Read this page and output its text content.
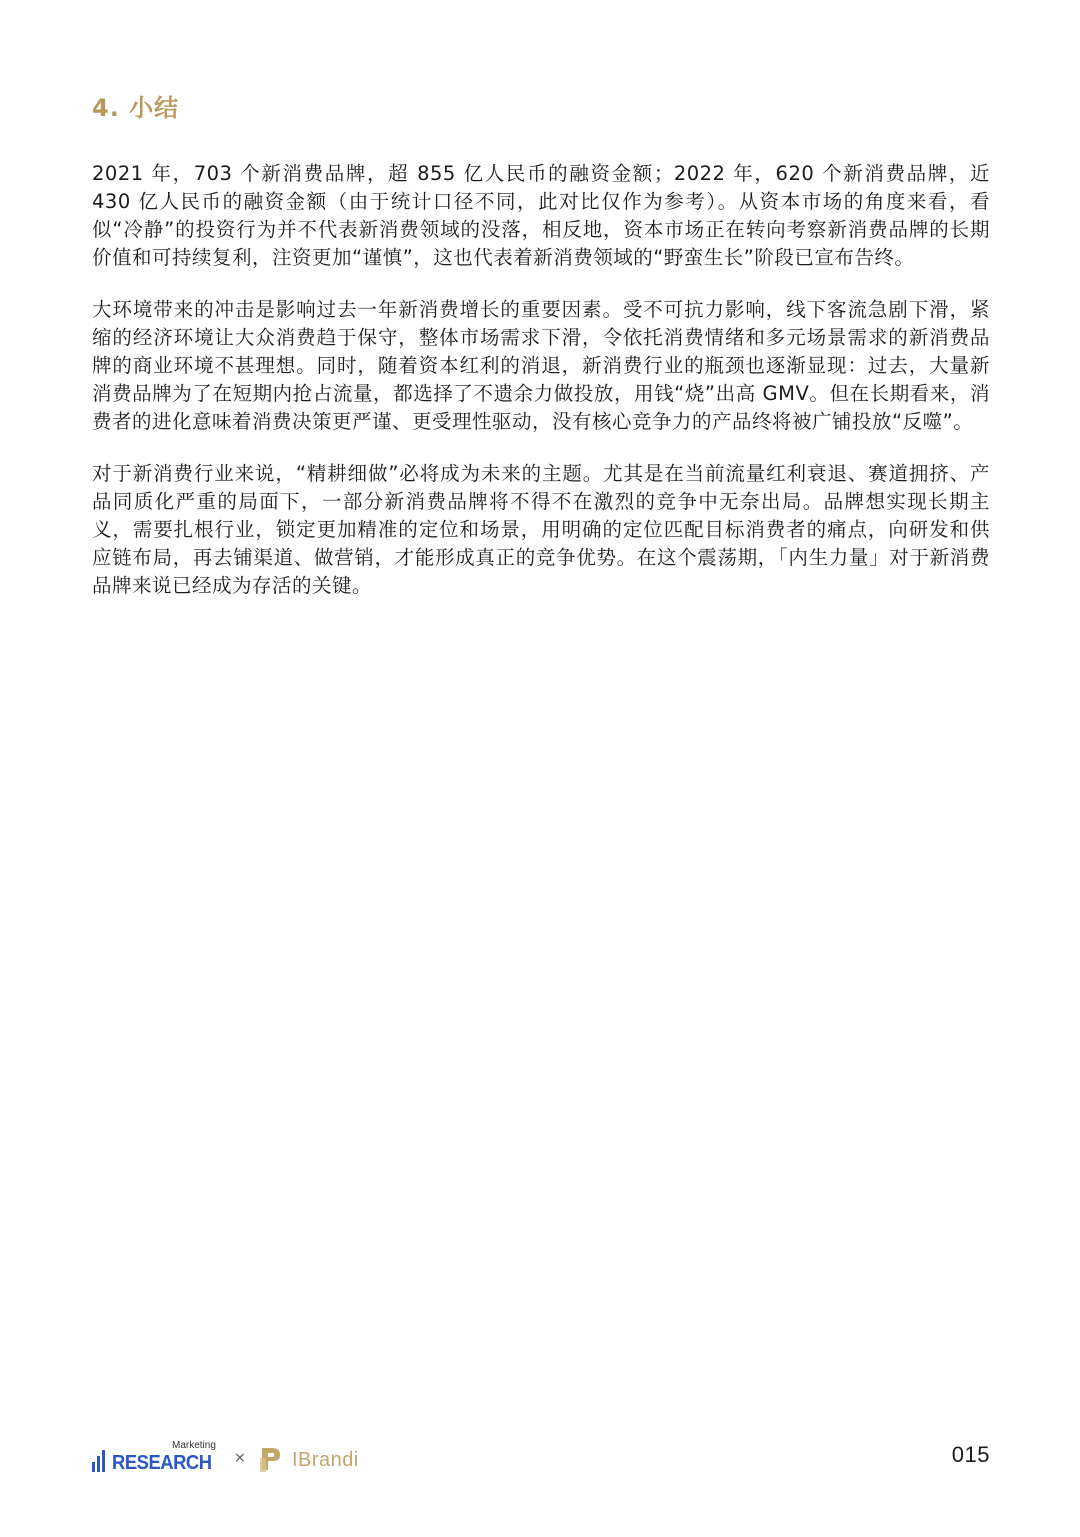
4. 小结

2021 年，703 个新消费品牌，超 855 亿人民币的融资金额；2022 年，620 个新消费品牌，近 430 亿人民币的融资金额（由于统计口径不同，此对比仅作为参考）。从资本市场的角度来看，看似“冷静”的投资行为并不代表新消费领域的没落，相反地，资本市场正在转向考察新消费品牌的长期价值和可持续复利，注资更加“谨慎”，这也代表着新消费领域的“野蛮生长”阶段已宣布告终。

大环境带来的冲击是影响过去一年新消费增长的重要因素。受不可抗力影响，线下客流急剧下滑，紧缩的经济环境让大众消费趋于保守，整体市场需求下滑，令依托消费情绪和多元场景需求的新消费品牌的商业环境不甚理想。同时，随着资本红利的消退，新消费行业的瓶颈也逐渐显现：过去，大量新消费品牌为了在短期内抢占流量，都选择了不遗余力做投放，用钱“烧”出高 GMV。但在长期看来，消费者的进化意味着消费决策更严谨、更受理性驱动，没有核心竞争力的产品终将被广铺投放“反噬”。

对于新消费行业来说，“精耕细做”必将成为未来的主题。尤其是在当前流量红利衰退、赛道拥挤、产品同质化严重的局面下，一部分新消费品牌将不得不在激烈的竞争中无奈出局。品牌想实现长期主义，需要扎根行业，锁定更加精准的定位和场景，用明确的定位匹配目标消费者的痛点，向研发和供应链布局，再去铺渠道、做营销，才能形成真正的竞争优势。在这个震荡期，「内生力量」对于新消费品牌来说已经成为存活的关键。

Marketing
RESEARCH × IBrandi	015
